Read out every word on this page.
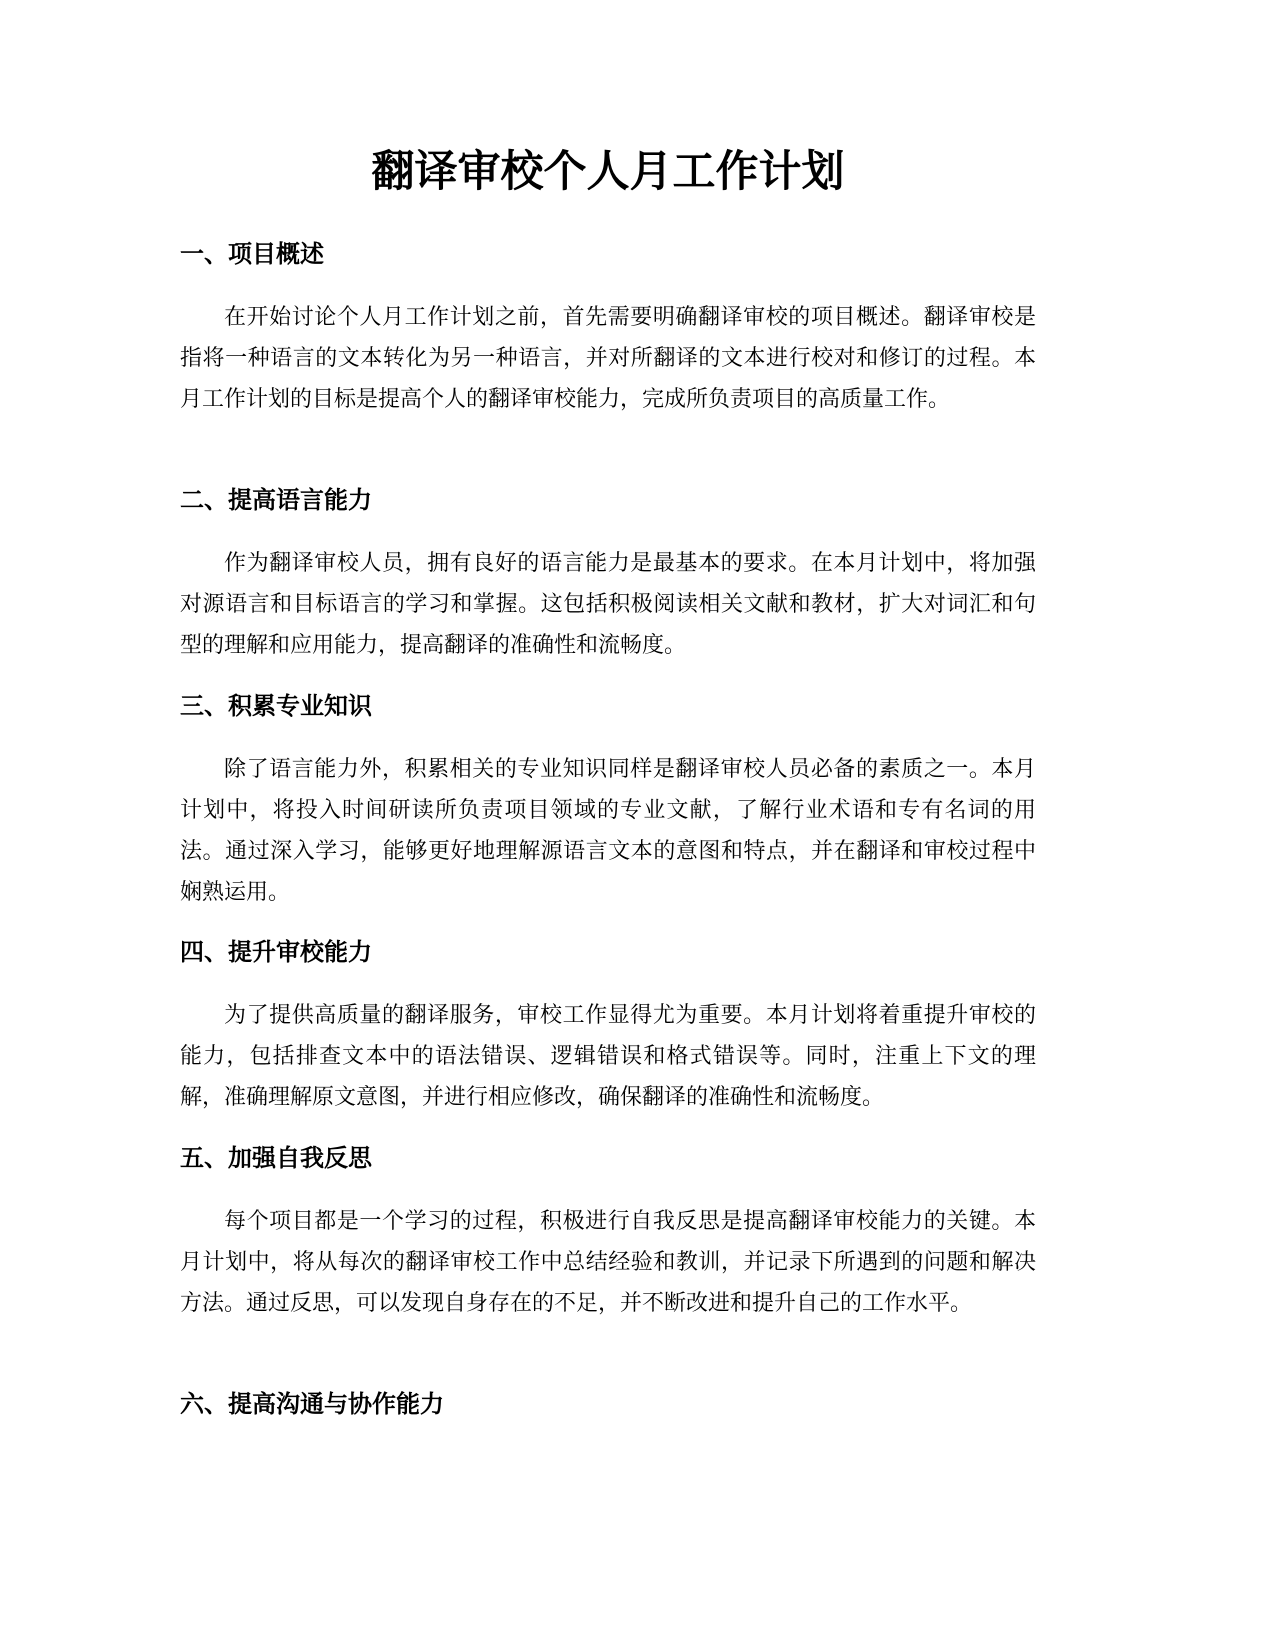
翻译审校个人月工作计划
一、项目概述

在开始讨论个人月工作计划之前，首先需要明确翻译审校的项目概述。翻译审校是指将一种语言的文本转化为另一种语言，并对所翻译的文本进行校对和修订的过程。本月工作计划的目标是提高个人的翻译审校能力，完成所负责项目的高质量工作。

二、提高语言能力

作为翻译审校人员，拥有良好的语言能力是最基本的要求。在本月计划中，将加强对源语言和目标语言的学习和掌握。这包括积极阅读相关文献和教材，扩大对词汇和句型的理解和应用能力，提高翻译的准确性和流畅度。

三、积累专业知识

除了语言能力外，积累相关的专业知识同样是翻译审校人员必备的素质之一。本月计划中，将投入时间研读所负责项目领域的专业文献，了解行业术语和专有名词的用法。通过深入学习，能够更好地理解源语言文本的意图和特点，并在翻译和审校过程中娴熟运用。

四、提升审校能力

为了提供高质量的翻译服务，审校工作显得尤为重要。本月计划将着重提升审校的能力，包括排查文本中的语法错误、逻辑错误和格式错误等。同时，注重上下文的理解，准确理解原文意图，并进行相应修改，确保翻译的准确性和流畅度。

五、加强自我反思

每个项目都是一个学习的过程，积极进行自我反思是提高翻译审校能力的关键。本月计划中，将从每次的翻译审校工作中总结经验和教训，并记录下所遇到的问题和解决方法。通过反思，可以发现自身存在的不足，并不断改进和提升自己的工作水平。

六、提高沟通与协作能力
